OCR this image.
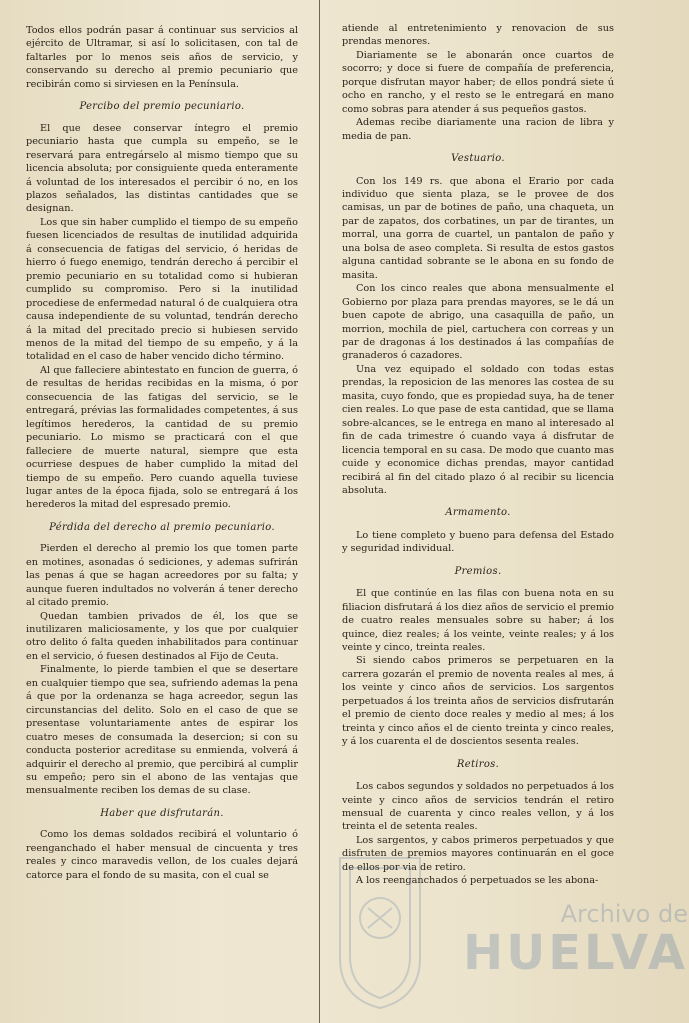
Todos ellos podrán pasar á continuar sus servicios al ejército de Ultramar, si así lo solicitasen, con tal de faltarles por lo menos seis años de servicio, y conservando su derecho al premio pecuniario que recibirán como si sirviesen en la Península.

Percibo del premio pecuniario.

El que desee conservar íntegro el premio pecuniario hasta que cumpla su empeño, se le reservará para entregárselo al mismo tiempo que su licencia absoluta; por consiguiente queda enteramente á voluntad de los interesados el percibir ó no, en los plazos señalados, las distintas cantidades que se designan.

Los que sin haber cumplido el tiempo de su empeño fuesen licenciados de resultas de inutilidad adquirida á consecuencia de fatigas del servicio, ó heridas de hierro ó fuego enemigo, tendrán derecho á percibir el premio pecuniario en su totalidad como si hubieran cumplido su compromiso. Pero si la inutilidad procediese de enfermedad natural ó de cualquiera otra causa independiente de su voluntad, tendrán derecho á la mitad del precitado precio si hubiesen servido menos de la mitad del tiempo de su empeño, y á la totalidad en el caso de haber vencido dicho término.

Al que falleciere abintestato en funcion de guerra, ó de resultas de heridas recibidas en la misma, ó por consecuencia de las fatigas del servicio, se le entregará, prévias las formalidades competentes, á sus legítimos herederos, la cantidad de su premio pecuniario. Lo mismo se practicará con el que falleciere de muerte natural, siempre que esta ocurriese despues de haber cumplido la mitad del tiempo de su empeño. Pero cuando aquella tuviese lugar antes de la época fijada, solo se entregará á los herederos la mitad del espresado premio.

Pérdida del derecho al premio pecuniario.

Pierden el derecho al premio los que tomen parte en motines, asonadas ó sediciones, y ademas sufrirán las penas á que se hagan acreedores por su falta; y aunque fueren indultados no volverán á tener derecho al citado premio.

Quedan tambien privados de él, los que se inutilizaren maliciosamente, y los que por cualquier otro delito ó falta queden inhabilitados para continuar en el servicio, ó fuesen destinados al Fijo de Ceuta.

Finalmente, lo pierde tambien el que se desertare en cualquier tiempo que sea, sufriendo ademas la pena á que por la ordenanza se haga acreedor, segun las circunstancias del delito. Solo en el caso de que se presentase voluntariamente antes de espirar los cuatro meses de consumada la desercion; si con su conducta posterior acreditase su enmienda, volverá á adquirir el derecho al premio, que percibirá al cumplir su empeño; pero sin el abono de las ventajas que mensualmente reciben los demas de su clase.

Haber que disfrutarán.

Como los demas soldados recibirá el voluntario ó reenganchado el haber mensual de cincuenta y tres reales y cinco maravedis vellon, de los cuales dejará catorce para el fondo de su masita, con el cual se

atiende al entretenimiento y renovacion de sus prendas menores.

Diariamente se le abonarán once cuartos de socorro; y doce si fuere de compañía de preferencia, porque disfrutan mayor haber; de ellos pondrá siete ú ocho en rancho, y el resto se le entregará en mano como sobras para atender á sus pequeños gastos.

Ademas recibe diariamente una racion de libra y media de pan.

Vestuario.

Con los 149 rs. que abona el Erario por cada individuo que sienta plaza, se le provee de dos camisas, un par de botines de paño, una chaqueta, un par de zapatos, dos corbatines, un par de tirantes, un morral, una gorra de cuartel, un pantalon de paño y una bolsa de aseo completa. Si resulta de estos gastos alguna cantidad sobrante se le abona en su fondo de masita.

Con los cinco reales que abona mensualmente el Gobierno por plaza para prendas mayores, se le dá un buen capote de abrigo, una casaquilla de paño, un morrion, mochila de piel, cartuchera con correas y un par de dragonas á los destinados á las compañías de granaderos ó cazadores.

Una vez equipado el soldado con todas estas prendas, la reposicion de las menores las costea de su masita, cuyo fondo, que es propiedad suya, ha de tener cien reales. Lo que pase de esta cantidad, que se llama sobre-alcances, se le entrega en mano al interesado al fin de cada trimestre ó cuando vaya á disfrutar de licencia temporal en su casa. De modo que cuanto mas cuide y economice dichas prendas, mayor cantidad recibirá al fin del citado plazo ó al recibir su licencia absoluta.

Armamento.

Lo tiene completo y bueno para defensa del Estado y seguridad individual.

Premios.

El que continúe en las filas con buena nota en su filiacion disfrutará á los diez años de servicio el premio de cuatro reales mensuales sobre su haber; á los quince, diez reales; á los veinte, veinte reales; y á los veinte y cinco, treinta reales.

Si siendo cabos primeros se perpetuaren en la carrera gozarán el premio de noventa reales al mes, á los veinte y cinco años de servicios. Los sargentos perpetuados á los treinta años de servicios disfrutarán el premio de ciento doce reales y medio al mes; á los treinta y cinco años el de ciento treinta y cinco reales, y á los cuarenta el de doscientos sesenta reales.

Retiros.

Los cabos segundos y soldados no perpetuados á los veinte y cinco años de servicios tendrán el retiro mensual de cuarenta y cinco reales vellon, y á los treinta el de setenta reales.

Los sargentos, y cabos primeros perpetuados y que disfruten de premios mayores continuarán en el goce de ellos por via de retiro.

A los reenganchados ó perpetuados se les abona-

Archivo de
HUELVA
